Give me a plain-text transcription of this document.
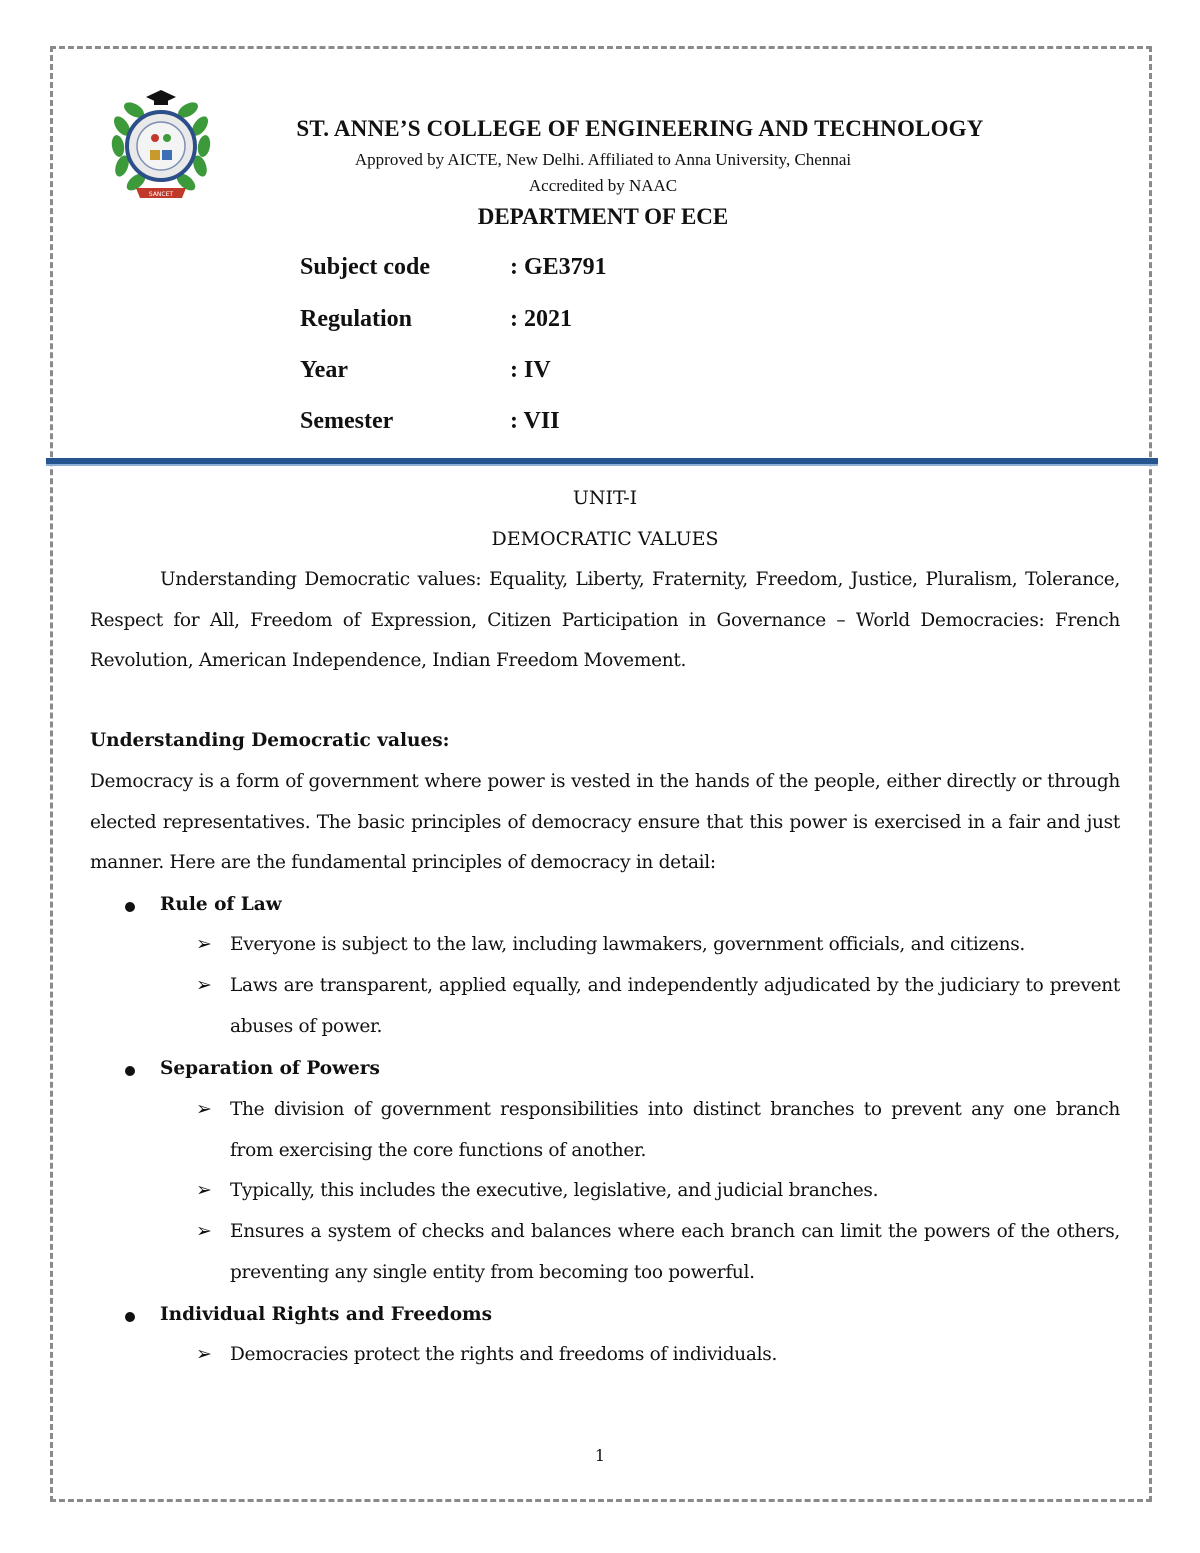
SANCET
ST. ANNE’S COLLEGE OF ENGINEERING AND TECHNOLOGY
Approved by AICTE, New Delhi. Affiliated to Anna University, Chennai
Accredited by NAAC
DEPARTMENT OF ECE
Subject code	: GE3791
Regulation	: 2021
Year	: IV
Semester	: VII
UNIT-I
DEMOCRATIC VALUES
Understanding Democratic values: Equality, Liberty, Fraternity, Freedom, Justice, Pluralism, Tolerance, Respect for All, Freedom of Expression, Citizen Participation in Governance – World Democracies: French Revolution, American Independence, Indian Freedom Movement.
Understanding Democratic values:
Democracy is a form of government where power is vested in the hands of the people, either directly or through elected representatives. The basic principles of democracy ensure that this power is exercised in a fair and just manner. Here are the fundamental principles of democracy in detail:
Rule of Law
➢ Everyone is subject to the law, including lawmakers, government officials, and citizens.
➢ Laws are transparent, applied equally, and independently adjudicated by the judiciary to prevent abuses of power.
Separation of Powers
➢ The division of government responsibilities into distinct branches to prevent any one branch from exercising the core functions of another.
➢ Typically, this includes the executive, legislative, and judicial branches.
➢ Ensures a system of checks and balances where each branch can limit the powers of the others, preventing any single entity from becoming too powerful.
Individual Rights and Freedoms
➢ Democracies protect the rights and freedoms of individuals.
1
